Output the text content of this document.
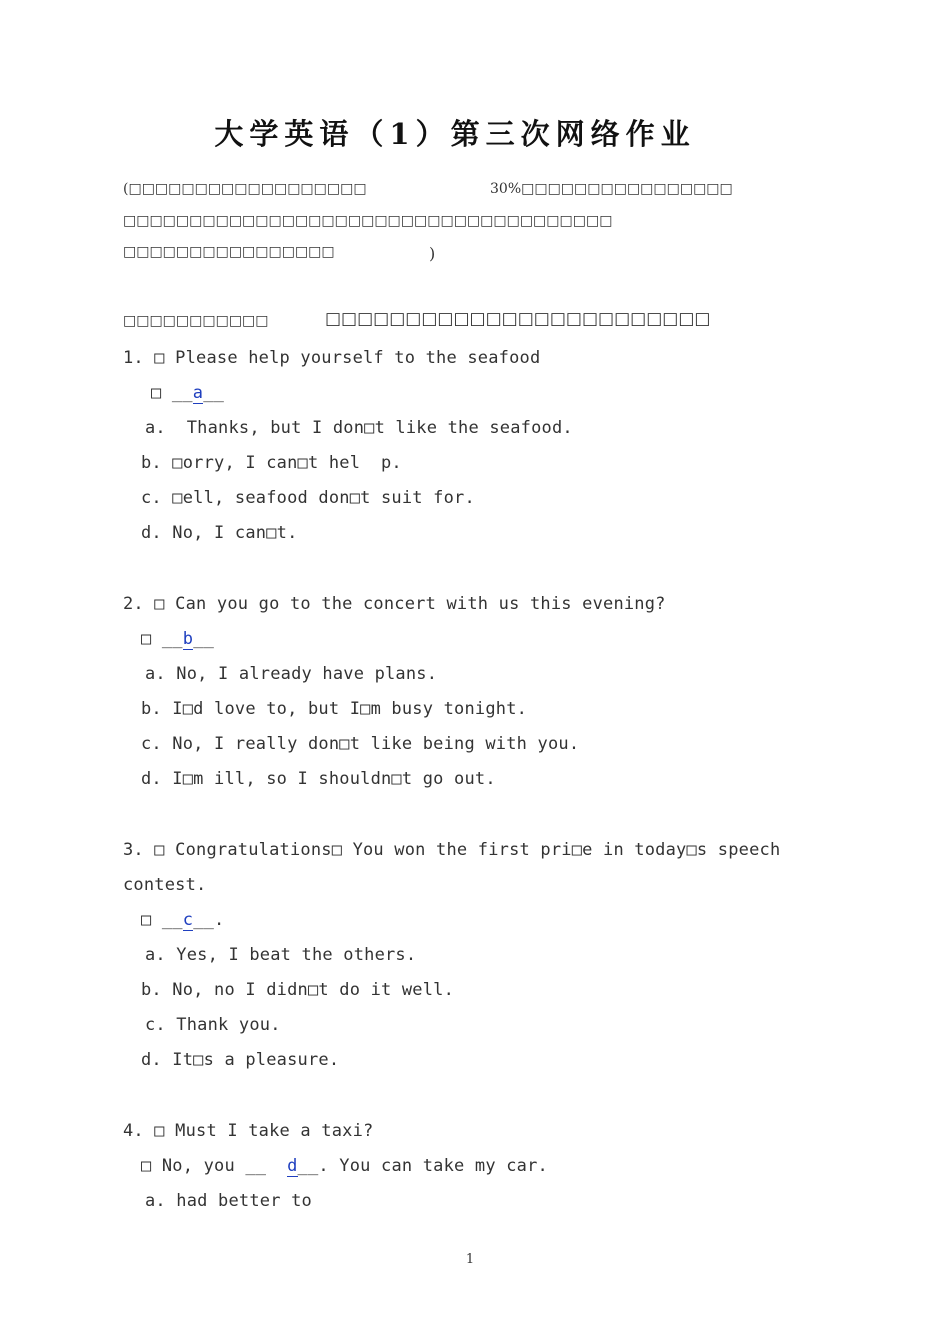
大学英语（1）第三次网络作业
(□□□□□□□□□□□□□□□□□□	30%□□□□□□□□□□□□□□□□
□□□□□□□□□□□□□□□□□□□□□□□□□□□□□□□□□□□□□
□□□□□□□□□□□□□□□□	)
□□□□□□□□□□□	□□□□□□□□□□□□□□□□□□□□□□□□
1. □ Please help yourself to the seafood
□ __a__
a.  Thanks, but I don□t like the seafood.
b. □orry, I can□t hel  p.
c. □ell, seafood don□t suit for.
d. No, I can□t.
2. □ Can you go to the concert with us this evening?
□ __b__
a. No, I already have plans.
b. I□d love to, but I□m busy tonight.
c. No, I really don□t like being with you.
d. I□m ill, so I shouldn□t go out.
3. □ Congratulations□ You won the first pri□e in today□s speech
contest.
□ __c__.
a. Yes, I beat the others.
b. No, no I didn□t do it well.
c. Thank you.
d. It□s a pleasure.
4. □ Must I take a taxi?
□ No, you __  d__. You can take my car.
a. had better to
1
